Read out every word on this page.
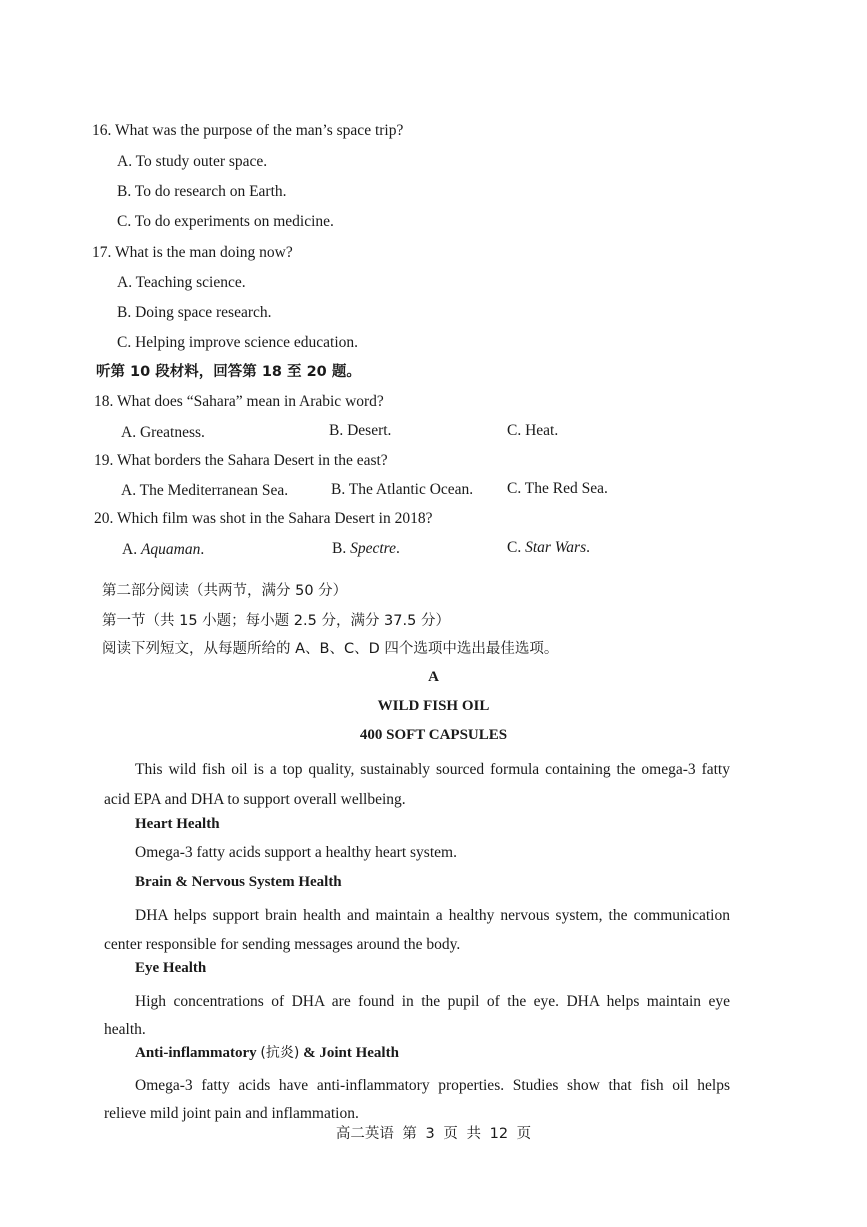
16. What was the purpose of the man’s space trip?
A. To study outer space.
B. To do research on Earth.
C. To do experiments on medicine.
17. What is the man doing now?
A. Teaching science.
B. Doing space research.
C. Helping improve science education.
听第 10 段材料，回答第 18 至 20 题。
18. What does “Sahara” mean in Arabic word?
A. Greatness.	B. Desert.	C. Heat.
19. What borders the Sahara Desert in the east?
A. The Mediterranean Sea.	B. The Atlantic Ocean. C. The Red Sea.
20. Which film was shot in the Sahara Desert in 2018?
A. Aquaman.	B. Spectre.	C. Star Wars.
第二部分阅读（共两节，满分 50 分）
第一节（共 15 小题；每小题 2.5 分，满分 37.5 分）
阅读下列短文，从每题所给的 A、B、C、D 四个选项中选出最佳选项。
A
WILD FISH OIL
400 SOFT CAPSULES
This wild fish oil is a top quality, sustainably sourced formula containing the omega-3 fatty
acid EPA and DHA to support overall wellbeing.
Heart Health
Omega-3 fatty acids support a healthy heart system.
Brain & Nervous System Health
DHA helps support brain health and maintain a healthy nervous system, the communication
center responsible for sending messages around the body.
Eye Health
High concentrations of DHA are found in the pupil of the eye. DHA helps maintain eye
health.
Anti-inflammatory (抗炎) & Joint Health
Omega-3 fatty acids have anti-inflammatory properties. Studies show that fish oil helps
relieve mild joint pain and inflammation.
高二英语 第 3 页 共 12 页
